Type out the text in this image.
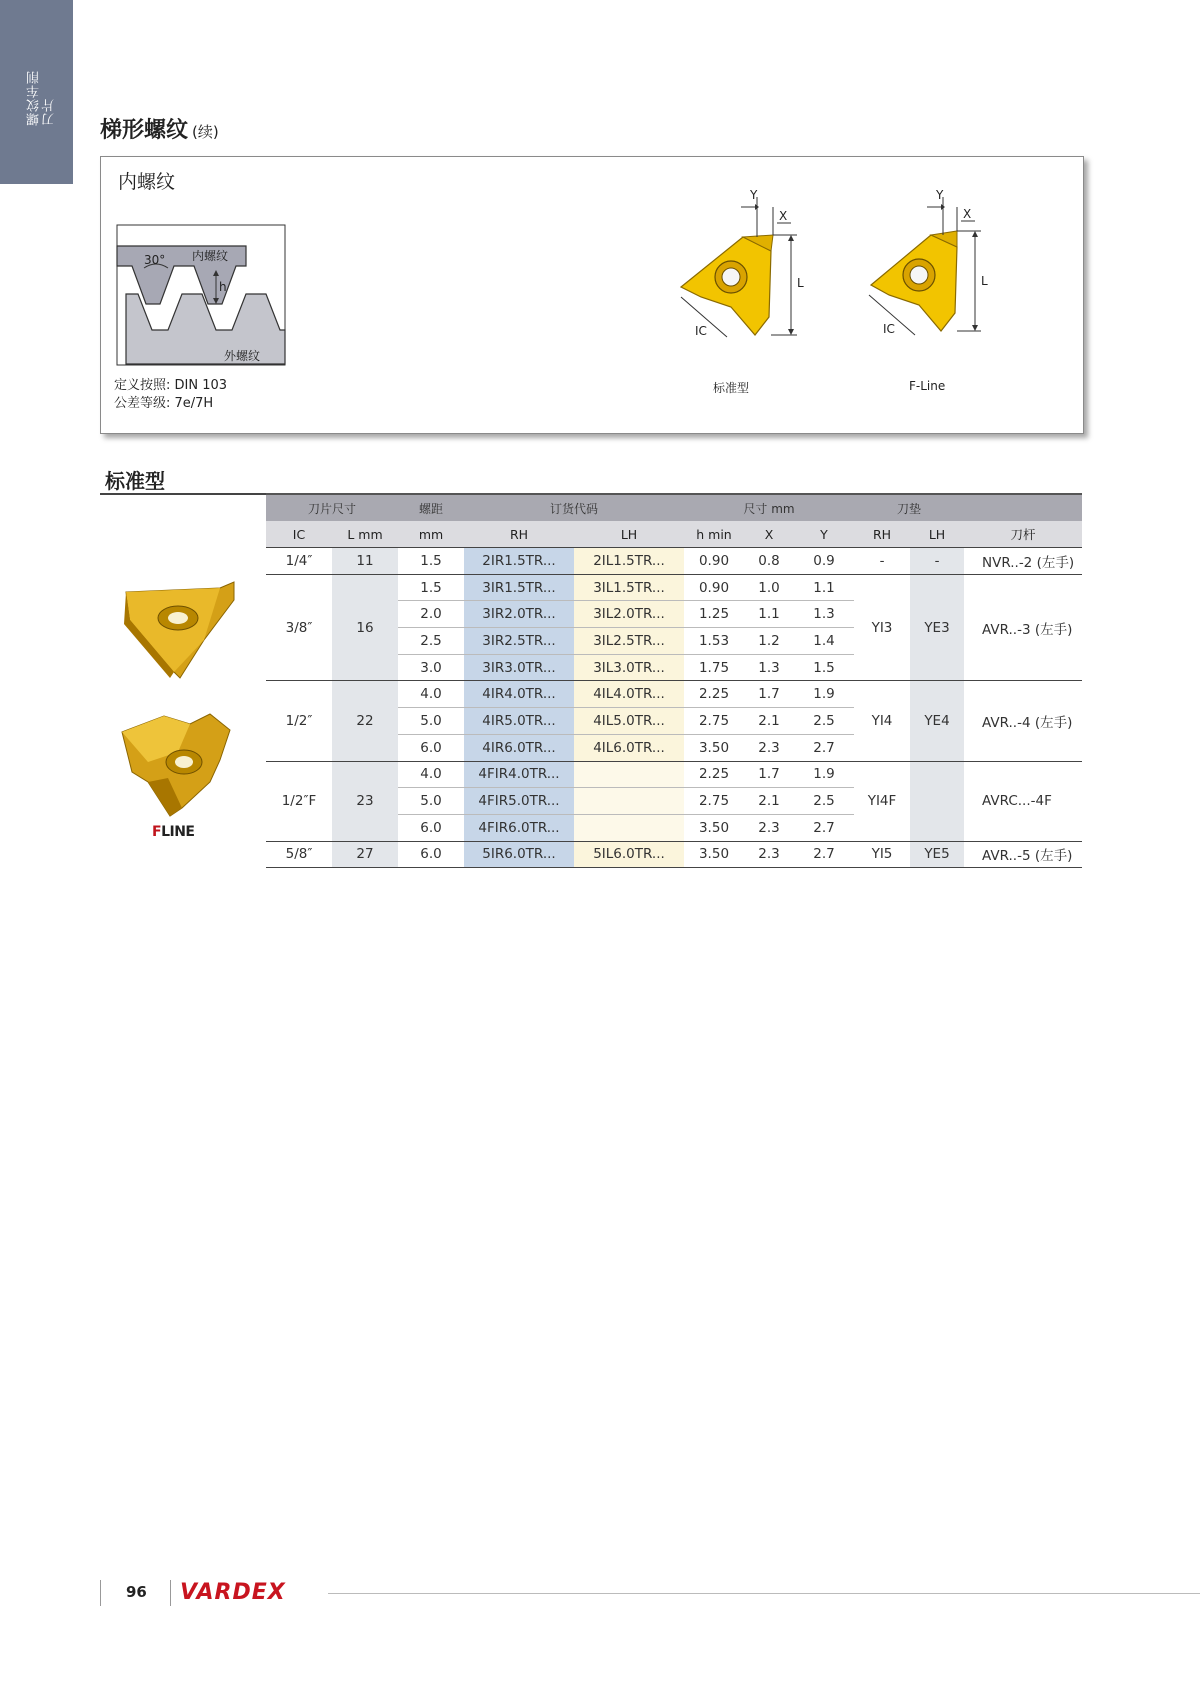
螺纹车削
刀片
梯形螺纹 (续)
内螺纹
30° 内螺纹
h
外螺纹
定义按照: DIN 103
公差等级: 7e/7H
Y
X
L
IC
标准型
Y
X
L
IC
F-Line
标准型
FLINE
刀片尺寸		螺距	订货代码		尺寸 mm			刀垫		
IC	L mm	mm	RH	LH	h min	X	Y	RH	LH	刀杆
1/4″	11	1.5	2IR1.5TR...	2IL1.5TR...	0.90	0.8	0.9	-	-	NVR..-2 (左手)
3/8″	16	1.5	3IR1.5TR...	3IL1.5TR...	0.90	1.0	1.1	YI3	YE3	AVR..-3 (左手)
		2.0	3IR2.0TR...	3IL2.0TR...	1.25	1.1	1.3			
		2.5	3IR2.5TR...	3IL2.5TR...	1.53	1.2	1.4			
		3.0	3IR3.0TR...	3IL3.0TR...	1.75	1.3	1.5			
1/2″	22	4.0	4IR4.0TR...	4IL4.0TR...	2.25	1.7	1.9	YI4	YE4	AVR..-4 (左手)
		5.0	4IR5.0TR...	4IL5.0TR...	2.75	2.1	2.5			
		6.0	4IR6.0TR...	4IL6.0TR...	3.50	2.3	2.7			
1/2″F	23	4.0	4FIR4.0TR...		2.25	1.7	1.9	YI4F		AVRC...-4F
		5.0	4FIR5.0TR...		2.75	2.1	2.5			
		6.0	4FIR6.0TR...		3.50	2.3	2.7			
5/8″	27	6.0	5IR6.0TR...	5IL6.0TR...	3.50	2.3	2.7	YI5	YE5	AVR..-5 (左手)
96 VARDEX
